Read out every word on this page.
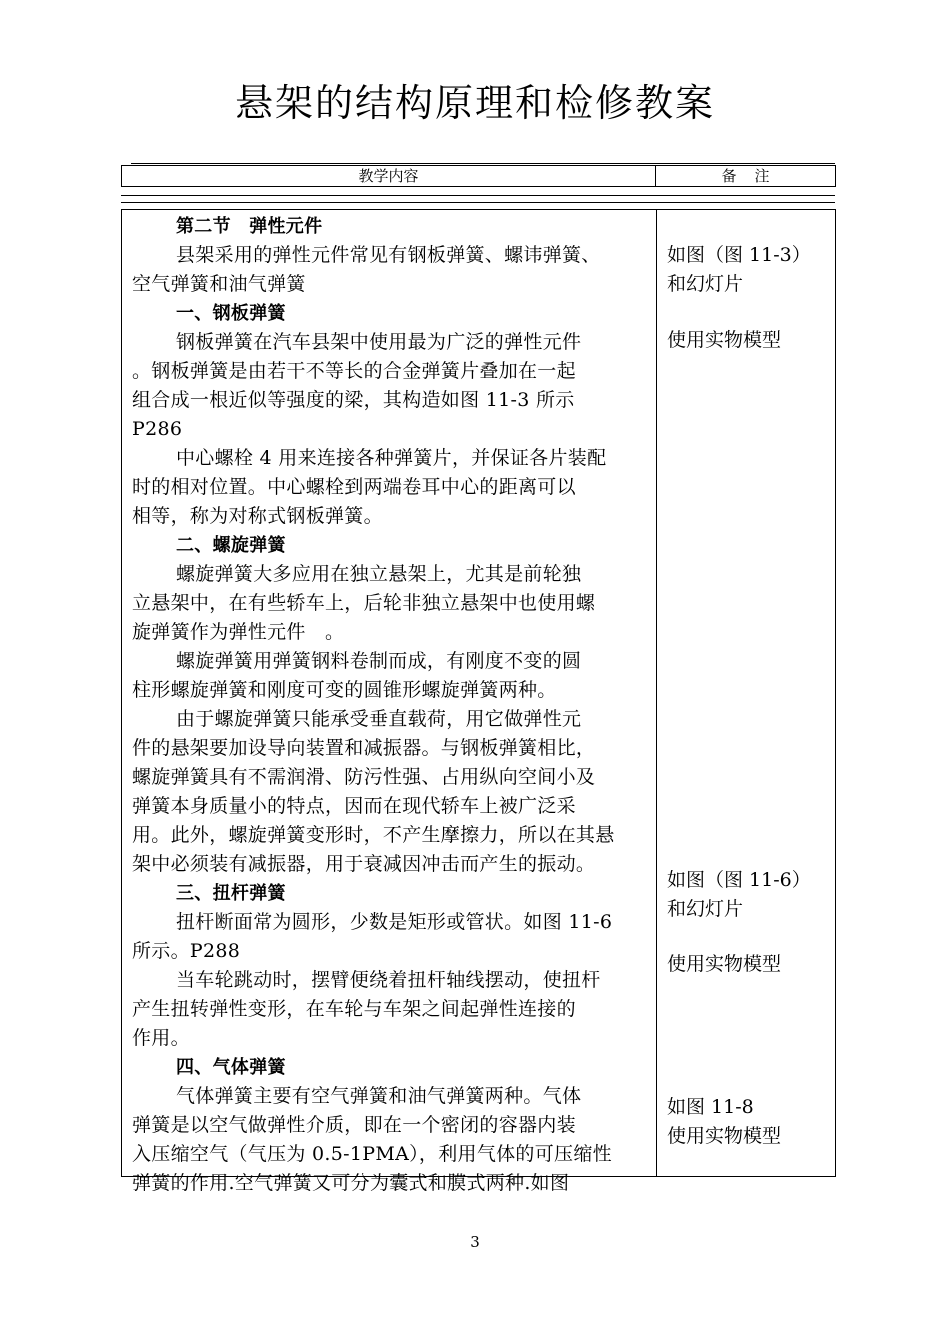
悬架的结构原理和检修教案
教学内容	备注
第二节　弹性元件
县架采用的弹性元件常见有钢板弹簧、螺讳弹簧、
空气弹簧和油气弹簧
一、钢板弹簧
钢板弹簧在汽车县架中使用最为广泛的弹性元件
。钢板弹簧是由若干不等长的合金弹簧片叠加在一起
组合成一根近似等强度的梁，其构造如图 11-3 所示
P286
中心螺栓 4 用来连接各种弹簧片，并保证各片装配
时的相对位置。中心螺栓到两端卷耳中心的距离可以
相等，称为对称式钢板弹簧。
二、螺旋弹簧
螺旋弹簧大多应用在独立悬架上，尤其是前轮独
立悬架中，在有些轿车上，后轮非独立悬架中也使用螺
旋弹簧作为弹性元件　。
螺旋弹簧用弹簧钢料卷制而成，有刚度不变的圆
柱形螺旋弹簧和刚度可变的圆锥形螺旋弹簧两种。
由于螺旋弹簧只能承受垂直载荷，用它做弹性元
件的悬架要加设导向装置和减振器。与钢板弹簧相比，
螺旋弹簧具有不需润滑、防污性强、占用纵向空间小及
弹簧本身质量小的特点，因而在现代轿车上被广泛采
用。此外，螺旋弹簧变形时，不产生摩擦力，所以在其悬
架中必须装有减振器，用于衰减因冲击而产生的振动。
三、扭杆弹簧
扭杆断面常为圆形，少数是矩形或管状。如图 11-6
所示。P288
当车轮跳动时，摆臂便绕着扭杆轴线摆动，使扭杆
产生扭转弹性变形，在车轮与车架之间起弹性连接的
作用。
四、气体弹簧
气体弹簧主要有空气弹簧和油气弹簧两种。气体
弹簧是以空气做弹性介质，即在一个密闭的容器内装
入压缩空气（气压为 0.5-1PMA），利用气体的可压缩性
弹簧的作用.空气弹簧又可分为囊式和膜式两种.如图
如图（图 11-3）
和幻灯片
使用实物模型
如图（图 11-6）
和幻灯片
使用实物模型
如图 11-8
使用实物模型
3
